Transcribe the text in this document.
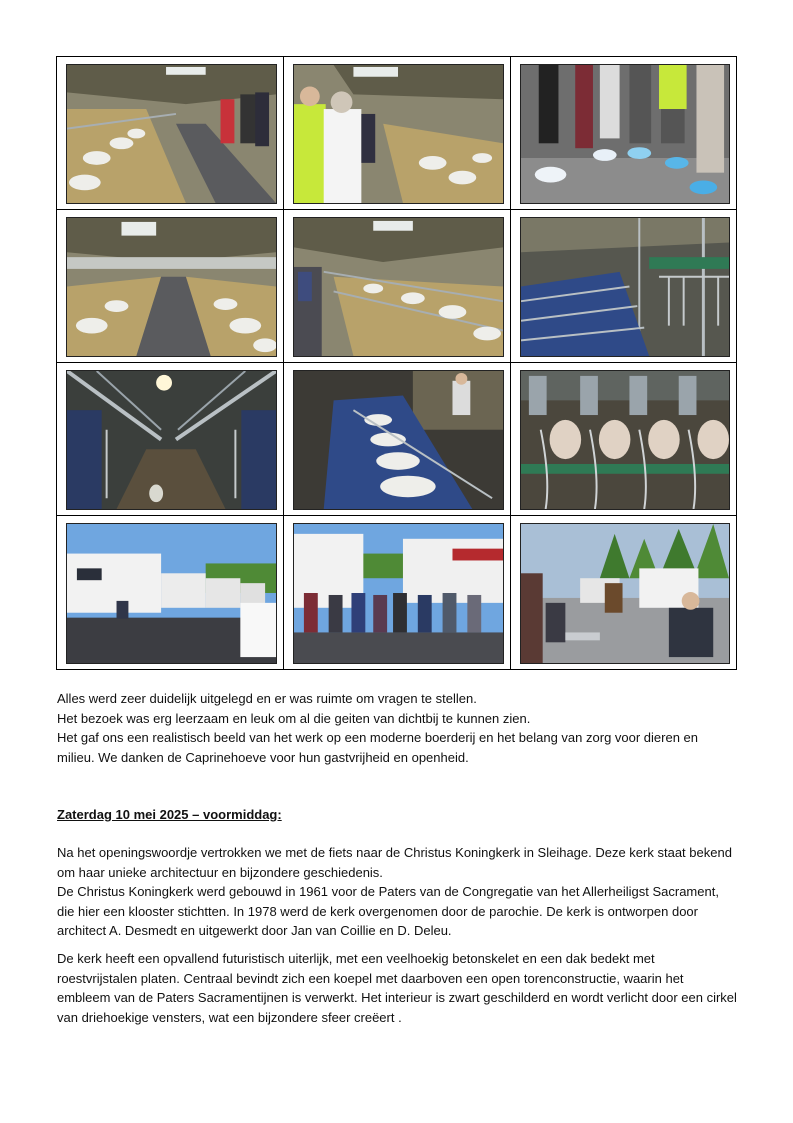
Alles werd zeer duidelijk uitgelegd en er was ruimte om vragen te stellen.

Het bezoek was erg leerzaam en leuk om al die geiten van dichtbij te kunnen zien.

Het gaf ons een realistisch beeld van het werk op een moderne boerderij en het belang van zorg voor dieren en milieu. We danken de Caprinehoeve voor hun gastvrijheid en openheid.

Zaterdag 10 mei 2025 – voormiddag:

Na het openingswoordje vertrokken we met de fiets naar de Christus Koningkerk in Sleihage. Deze kerk staat bekend om haar unieke architectuur en bijzondere geschiedenis.

De Christus Koningkerk werd gebouwd in 1961 voor de Paters van de Congregatie van het Allerheiligst Sacrament, die hier een klooster stichtten. In 1978 werd de kerk overgenomen door de parochie. De kerk is ontworpen door architect A. Desmedt en uitgewerkt door Jan van Coillie en D. Deleu.

De kerk heeft een opvallend futuristisch uiterlijk, met een veelhoekig betonskelet en een dak bedekt met roestvrijstalen platen. Centraal bevindt zich een koepel met daarboven een open torenconstructie, waarin het embleem van de Paters Sacramentijnen is verwerkt. Het interieur is zwart geschilderd en wordt verlicht door een cirkel van driehoekige vensters, wat een bijzondere sfeer creëert .
